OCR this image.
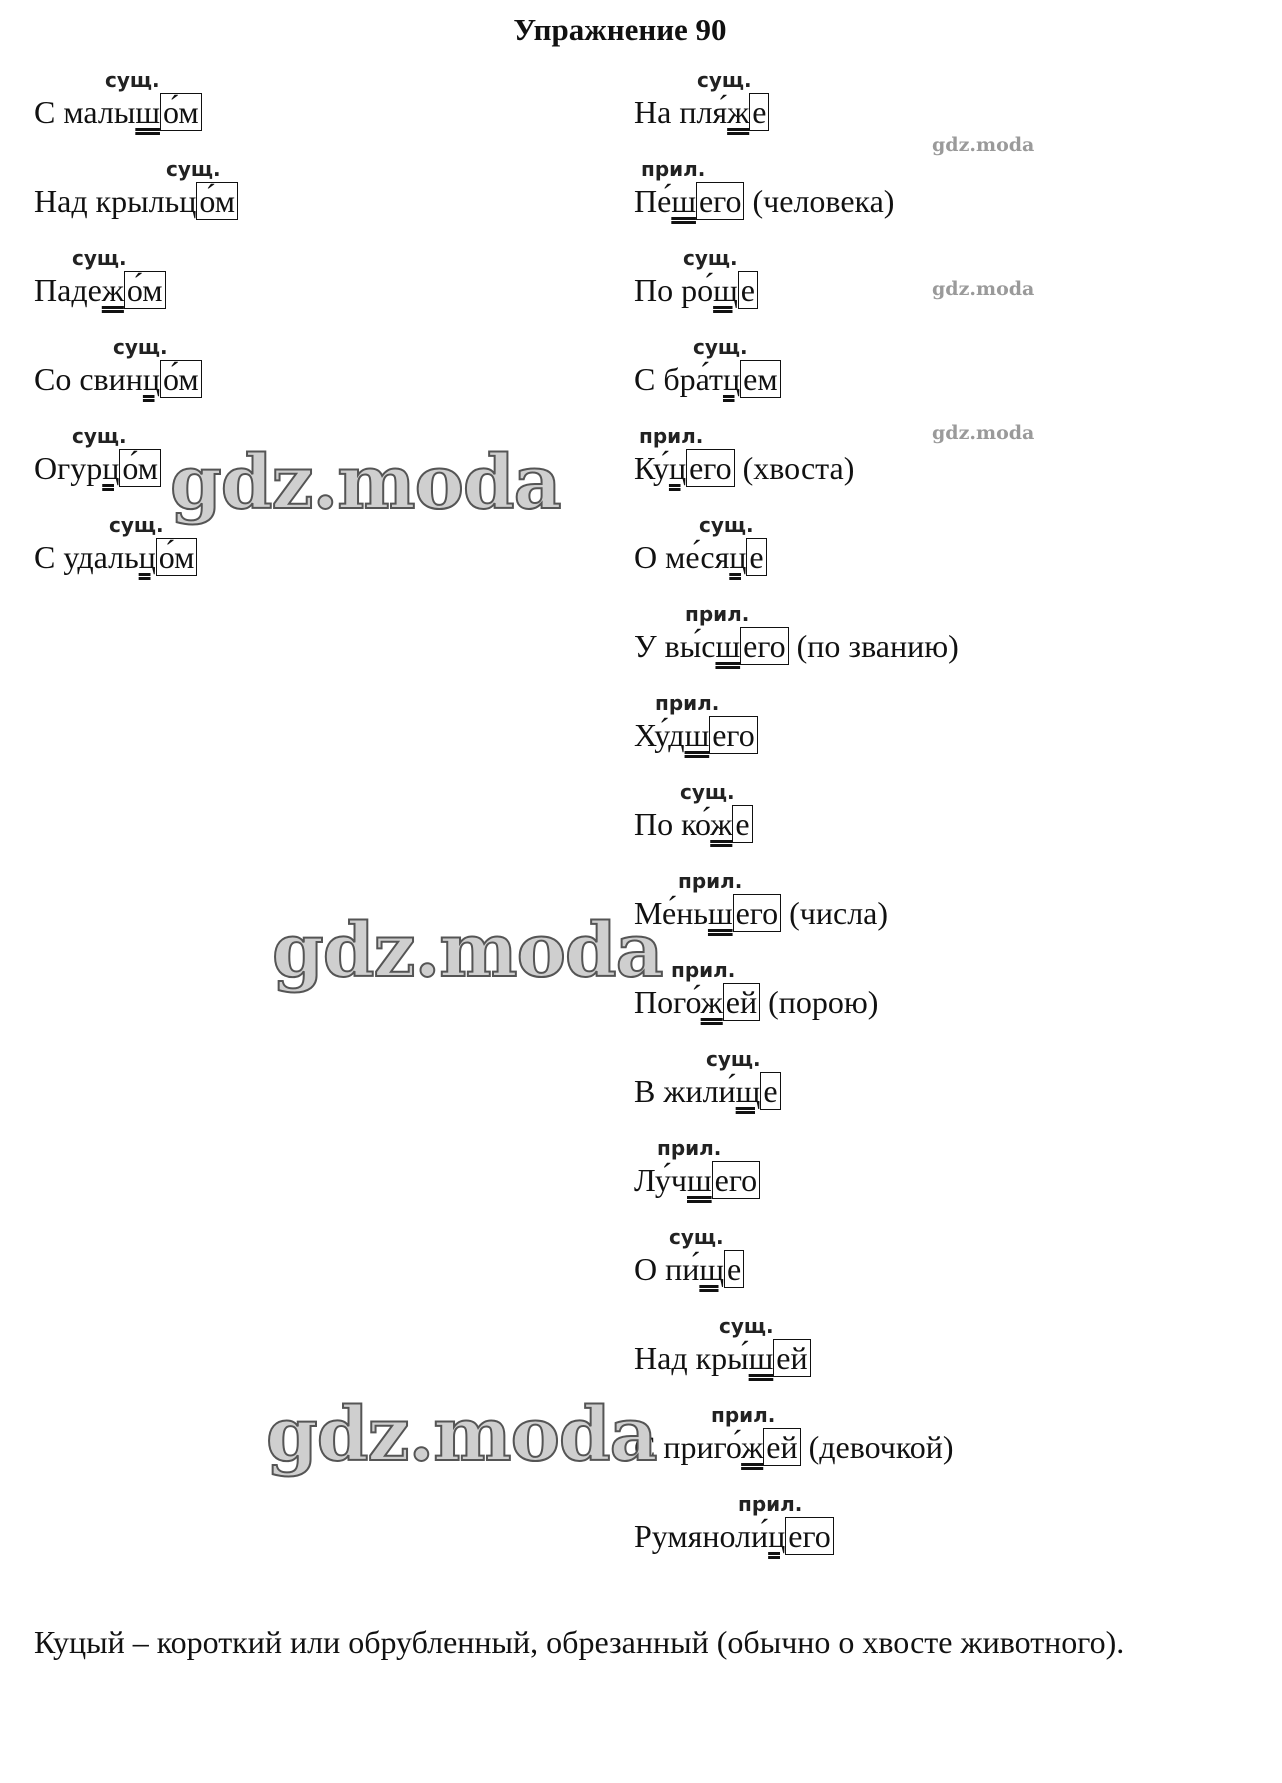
Упражнение 90
сущ.
С малышо́м
сущ.
Над крыльцо́м
сущ.
Падежо́м
сущ.
Со свинцо́м
сущ.
Огурцо́м
сущ.
С удальцо́м
сущ.
На пля́же
прил.
Пе́шего (человека)
сущ.
По ро́ще
сущ.
С бра́тцем
прил.
Ку́цего (хвоста)
сущ.
О ме́сяце
прил.
У вы́сшего (по званию)
прил.
Ху́дшего
сущ.
По ко́же
прил.
Ме́ньшего (числа)
прил.
Пого́жей (порою)
сущ.
В жили́ще
прил.
Лу́чшего
сущ.
О пи́ще
сущ.
Над кры́шей
прил.
С приго́жей (девочкой)
прил.
Румяноли́цего
Куцый – короткий или обрубленный, обрезанный (обычно о хвосте животного).
gdz.moda
gdz.moda
gdz.moda
gdz.moda
gdz.moda
gdz.moda
